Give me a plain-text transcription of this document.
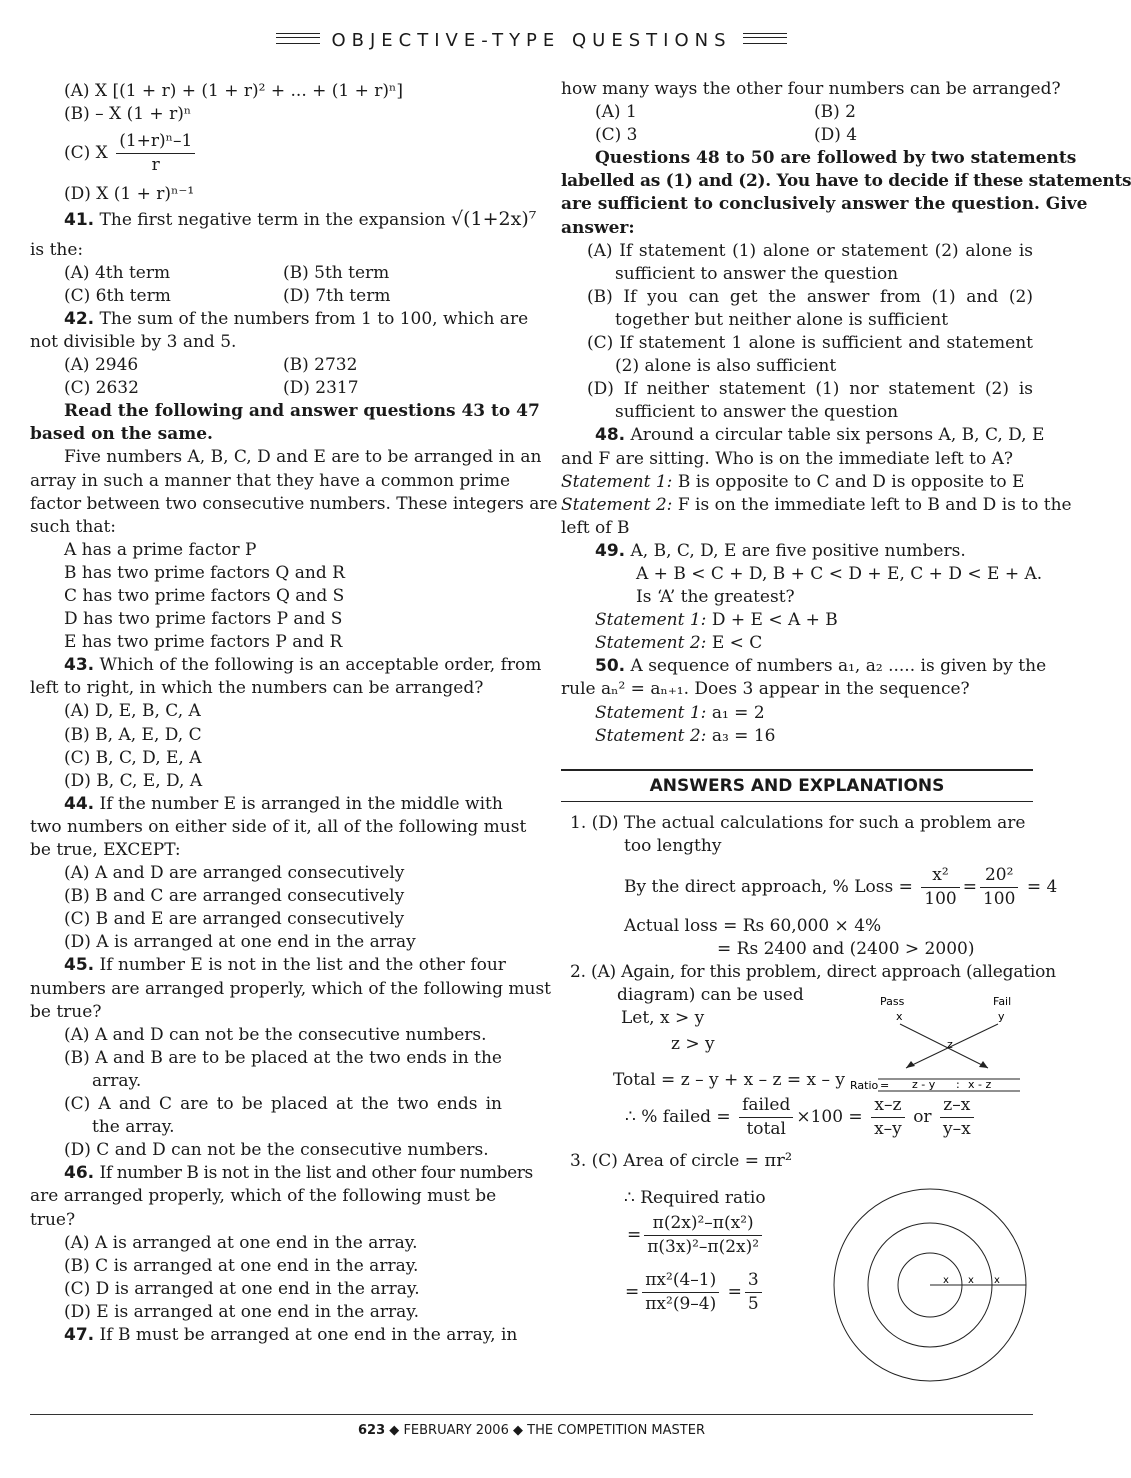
OBJECTIVE-TYPE QUESTIONS
(A) X [(1 + r) + (1 + r)² + ... + (1 + r)ⁿ]
(B) – X (1 + r)ⁿ
(C) X $\frac{\text{(1+r)ⁿ–1}}{r}$
(D) X (1 + r)ⁿ⁻¹
41. The first negative term in the expansion √(1+2x)⁷
is the:
(A) 4th term	(B) 5th term
(C) 6th term	(D) 7th term
42. The sum of the numbers from 1 to 100, which are
not divisible by 3 and 5.
(A) 2946	(B) 2732
(C) 2632	(D) 2317
Read the following and answer questions 43 to 47
based on the same.
Five numbers A, B, C, D and E are to be arranged in an
array in such a manner that they have a common prime
factor between two consecutive numbers. These integers are
such that:
A has a prime factor P
B has two prime factors Q and R
C has two prime factors Q and S
D has two prime factors P and S
E has two prime factors P and R
43. Which of the following is an acceptable order, from
left to right, in which the numbers can be arranged?
(A) D, E, B, C, A
(B) B, A, E, D, C
(C) B, C, D, E, A
(D) B, C, E, D, A
44. If the number E is arranged in the middle with
two numbers on either side of it, all of the following must
be true, EXCEPT:
(A) A and D are arranged consecutively
(B) B and C are arranged consecutively
(C) B and E are arranged consecutively
(D) A is arranged at one end in the array
45. If number E is not in the list and the other four
numbers are arranged properly, which of the following must
be true?
(A) A and D can not be the consecutive numbers.
(B) A and B are to be placed at the two ends in the array.
(C) A and C are to be placed at the two ends in the array.
(D) C and D can not be the consecutive numbers.
46. If number B is not in the list and other four numbers
are arranged properly, which of the following must be
true?
(A) A is arranged at one end in the array.
(B) C is arranged at one end in the array.
(C) D is arranged at one end in the array.
(D) E is arranged at one end in the array.
47. If B must be arranged at one end in the array, in
how many ways the other four numbers can be arranged?
(A) 1	(B) 2
(C) 3	(D) 4
Questions 48 to 50 are followed by two statements
labelled as (1) and (2). You have to decide if these statements
are sufficient to conclusively answer the question. Give
answer:
(A) If statement (1) alone or statement (2) alone is sufficient to answer the question
(B) If you can get the answer from (1) and (2) together but neither alone is sufficient
(C) If statement 1 alone is sufficient and statement (2) alone is also sufficient
(D) If neither statement (1) nor statement (2) is sufficient to answer the question
48. Around a circular table six persons A, B, C, D, E
and F are sitting. Who is on the immediate left to A?
Statement 1: B is opposite to C and D is opposite to E
Statement 2: F is on the immediate left to B and D is to the
left of B
49. A, B, C, D, E are five positive numbers.
A + B < C + D, B + C < D + E, C + D < E + A.
Is ‘A’ the greatest?
Statement 1: D + E < A + B
Statement 2: E < C
50. A sequence of numbers a₁, a₂ ..... is given by the
rule aₙ² = aₙ₊₁. Does 3 appear in the sequence?
Statement 1: a₁ = 2
Statement 2: a₃ = 16
ANSWERS AND EXPLANATIONS
1. (D) The actual calculations for such a problem are
too lengthy
By the direct approach, % Loss = $\frac{\text{x²}}{100} = \frac{\text{20²}}{100} = 4$
Actual loss = Rs 60,000 × 4%
= Rs 2400 and (2400 > 2000)
2. (A) Again, for this problem, direct approach (allegation
diagram) can be used
Let, x > y
z > y
Total = z – y + x – z = x – y
∴ % failed = $\frac{\text{failed}}{\text{total}} \times 100 = \frac{x-z}{x-y}$ or $\frac{z-x}{y-x}$
3. (C) Area of circle = πr²
∴ Required ratio
= $\frac{\text{π(2x)²–π(x²)}}{\text{π(3x)²–π(2x)²}}$
= $\frac{\text{πx²(4–1)}}{\text{πx²(9–4)}} = \frac{3}{5}$
Pass	Fail
x	y
z
Ratio = z - y : x - z
x x x
623 ◆ FEBRUARY 2006 ◆ THE COMPETITION MASTER
